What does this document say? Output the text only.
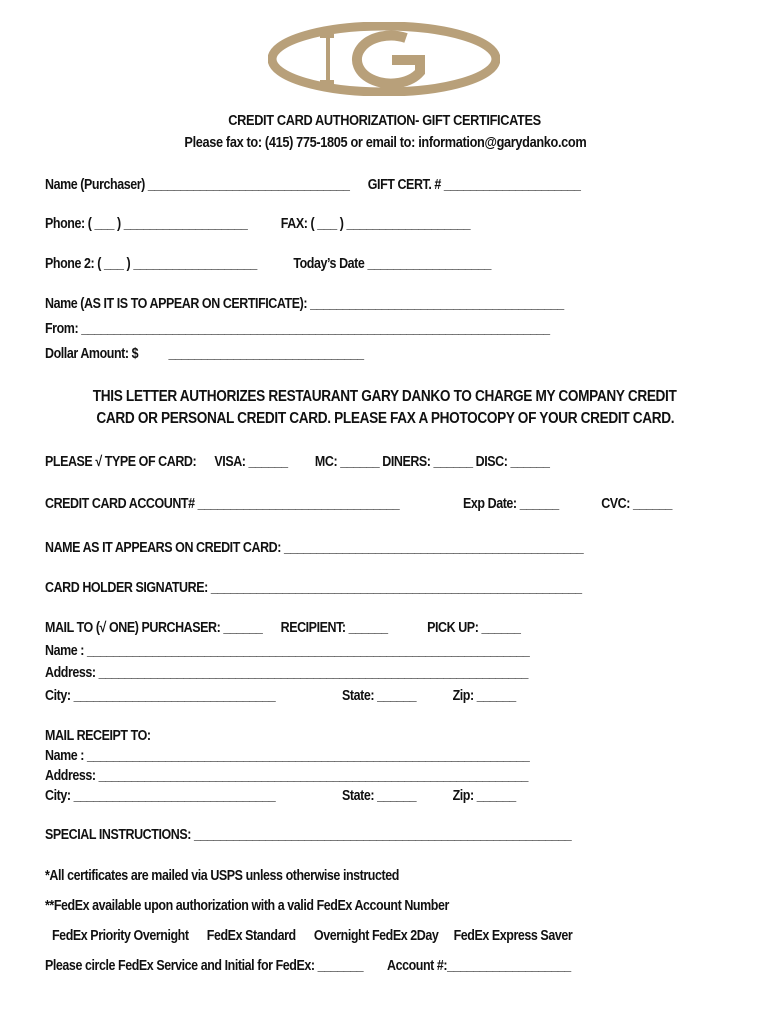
CREDIT CARD AUTHORIZATION- GIFT CERTIFICATES
Please fax to: (415) 775-1805 or email to: information@garydanko.com
Name (Purchaser) _______________________________ GIFT CERT. # _____________________
Phone: ( ___ ) ___________________ FAX: ( ___ ) ___________________
Phone 2: ( ___ ) ___________________	Today’s Date ___________________
Name (AS IT IS TO APPEAR ON CERTIFICATE): _______________________________________
From: ________________________________________________________________________
Dollar Amount: $ ______________________________
THIS LETTER AUTHORIZES RESTAURANT GARY DANKO TO CHARGE MY COMPANY CREDIT
CARD OR PERSONAL CREDIT CARD. PLEASE FAX A PHOTOCOPY OF YOUR CREDIT CARD.
PLEASE √ TYPE OF CARD: VISA: ______ MC: ______ DINERS: ______ DISC: ______
CREDIT CARD ACCOUNT# _______________________________	Exp Date: ______	CVC: ______
NAME AS IT APPEARS ON CREDIT CARD: ______________________________________________
CARD HOLDER SIGNATURE: _________________________________________________________
MAIL TO (√ ONE) PURCHASER: ______ RECIPIENT: ______	PICK UP: ______
Name : ____________________________________________________________________
Address: __________________________________________________________________
City: _______________________________	State: ______	Zip: ______
MAIL RECEIPT TO:
Name : ____________________________________________________________________
Address: __________________________________________________________________
City: _______________________________	State: ______	Zip: ______
SPECIAL INSTRUCTIONS: __________________________________________________________
*All certificates are mailed via USPS unless otherwise instructed
**FedEx available upon authorization with a valid FedEx Account Number
FedEx Priority Overnight FedEx Standard Overnight FedEx 2Day FedEx Express Saver
Please circle FedEx Service and Initial for FedEx: _______ Account #:___________________
